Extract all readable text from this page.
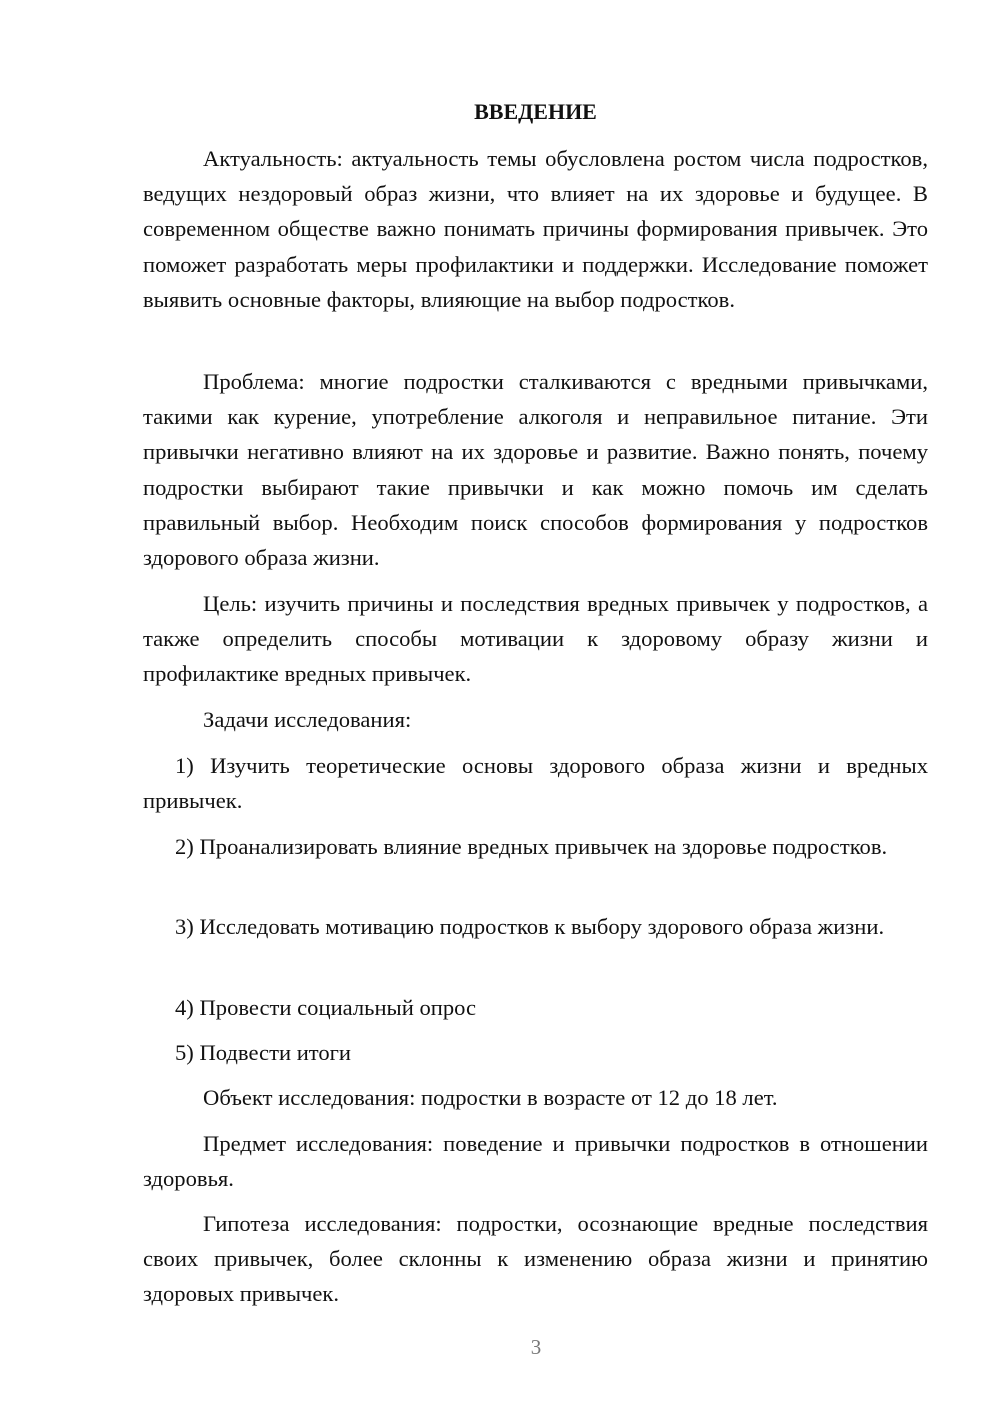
ВВЕДЕНИЕ

Актуальность: актуальность темы обусловлена ростом числа подростков, ведущих нездоровый образ жизни, что влияет на их здоровье и будущее. В современном обществе важно понимать причины формирования привычек. Это поможет разработать меры профилактики и поддержки. Исследование поможет выявить основные факторы, влияющие на выбор подростков.

Проблема: многие подростки сталкиваются с вредными привычками, такими как курение, употребление алкоголя и неправильное питание. Эти привычки негативно влияют на их здоровье и развитие. Важно понять, почему подростки выбирают такие привычки и как можно помочь им сделать правильный выбор. Необходим поиск способов формирования у подростков здорового образа жизни.

Цель: изучить причины и последствия вредных привычек у подростков, а также определить способы мотивации к здоровому образу жизни и профилактике вредных привычек.

Задачи исследования:

1) Изучить теоретические основы здорового образа жизни и вредных привычек.

2) Проанализировать влияние вредных привычек на здоровье подростков.

3) Исследовать мотивацию подростков к выбору здорового образа жизни.

4) Провести социальный опрос

5) Подвести итоги

Объект исследования: подростки в возрасте от 12 до 18 лет.

Предмет исследования: поведение и привычки подростков в отношении здоровья.

Гипотеза исследования: подростки, осознающие вредные последствия своих привычек, более склонны к изменению образа жизни и принятию здоровых привычек.

3
